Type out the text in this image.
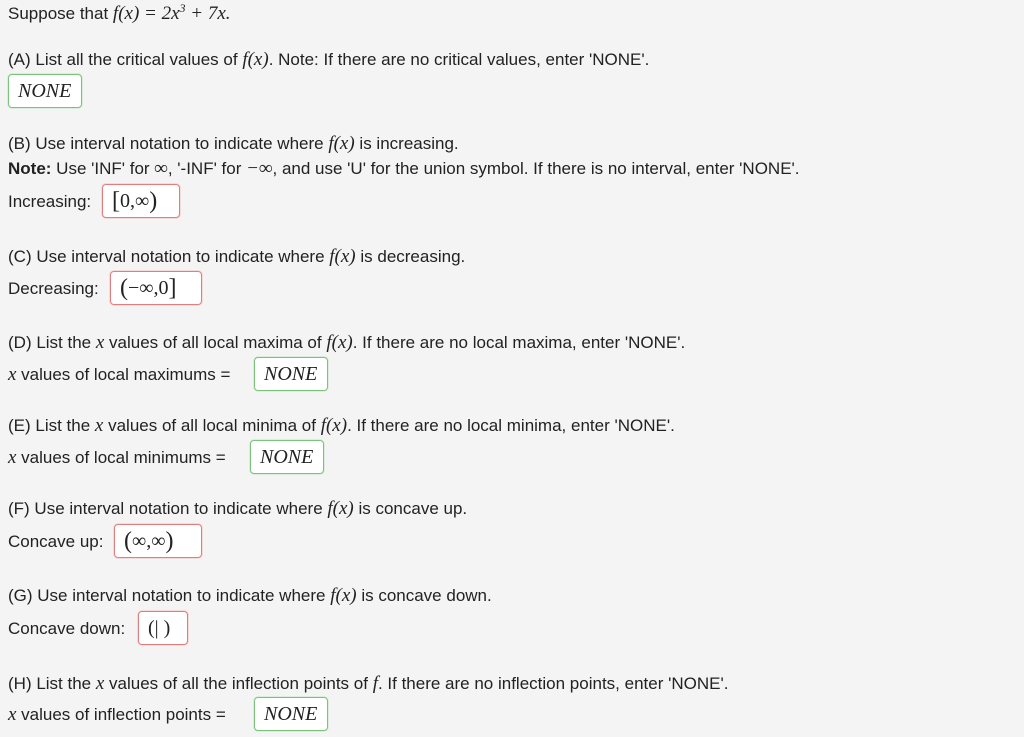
Suppose that $f(x) = 2x^3 + 7x$.
(A) List all the critical values of f(x). Note: If there are no critical values, enter 'NONE'.
NONE
(B) Use interval notation to indicate where f(x) is increasing.
Note: Use 'INF' for ∞, '-INF' for −∞, and use 'U' for the union symbol. If there is no interval, enter 'NONE'.
Increasing: [ 0,∞ )
(C) Use interval notation to indicate where f(x) is decreasing.
Decreasing: ( −∞,0 ]
(D) List the x values of all local maxima of f(x). If there are no local maxima, enter 'NONE'.
x values of local maximums =	NONE
(E) List the x values of all local minima of f(x). If there are no local minima, enter 'NONE'.
x values of local minimums =	NONE
(F) Use interval notation to indicate where f(x) is concave up.
Concave up: ( ∞,∞ )
(G) Use interval notation to indicate where f(x) is concave down.
Concave down:	(| )
(H) List the x values of all the inflection points of f. If there are no inflection points, enter 'NONE'.
x values of inflection points =	NONE
